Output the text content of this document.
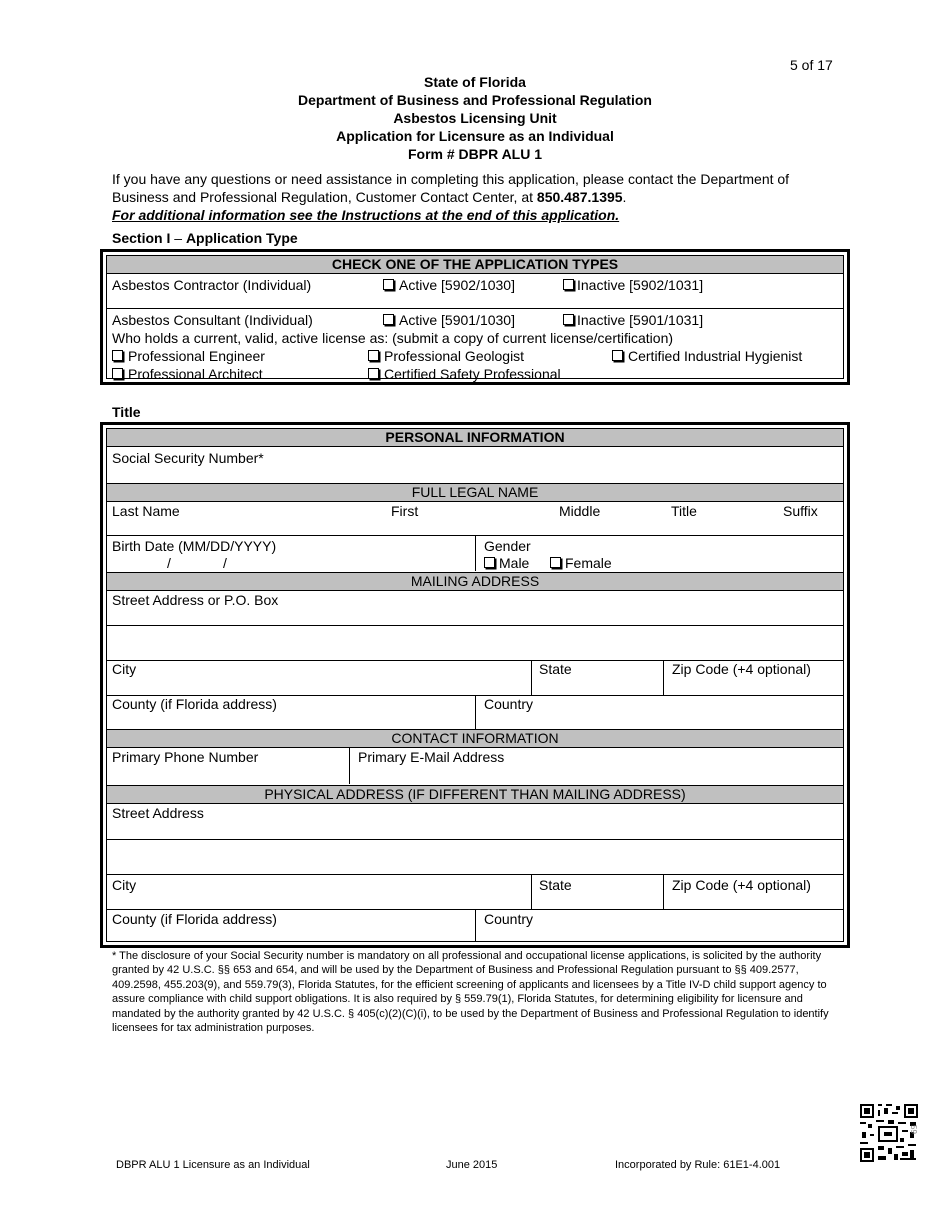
5 of 17
State of Florida
Department of Business and Professional Regulation
Asbestos Licensing Unit
Application for Licensure as an Individual
Form # DBPR ALU 1
If you have any questions or need assistance in completing this application, please contact the Department of Business and Professional Regulation, Customer Contact Center, at 850.487.1395.
For additional information see the Instructions at the end of this application.
Section I – Application Type
CHECK ONE OF THE APPLICATION TYPES
Asbestos Contractor (Individual)	Active [5902/1030]	Inactive [5902/1031]
Asbestos Consultant (Individual)	Active [5901/1030]	Inactive [5901/1031]
Who holds a current, valid, active license as: (submit a copy of current license/certification)
Professional Engineer	Professional Geologist	Certified Industrial Hygienist
Professional Architect	Certified Safety Professional
Title
PERSONAL INFORMATION
Social Security Number*
FULL LEGAL NAME
Last Name	First	Middle	Title	Suffix
Birth Date (MM/DD/YYYY)
/	/
Gender
Male	Female
MAILING ADDRESS
Street Address or P.O. Box
City	State	Zip Code (+4 optional)
County (if Florida address)	Country
CONTACT INFORMATION
Primary Phone Number	Primary E-Mail Address
PHYSICAL ADDRESS (IF DIFFERENT THAN MAILING ADDRESS)
Street Address
City	State	Zip Code (+4 optional)
County (if Florida address)	Country
* The disclosure of your Social Security number is mandatory on all professional and occupational license applications, is solicited by the authority granted by 42 U.S.C. §§ 653 and 654, and will be used by the Department of Business and Professional Regulation pursuant to §§ 409.2577, 409.2598, 455.203(9), and 559.79(3), Florida Statutes, for the efficient screening of applicants and licensees by a Title IV-D child support agency to assure compliance with child support obligations. It is also required by § 559.79(1), Florida Statutes, for determining eligibility for licensure and mandated by the authority granted by 42 U.S.C. § 405(c)(2)(C)(i), to be used by the Department of Business and Professional Regulation to identify licensees for tax administration purposes.
DBPR ALU 1 Licensure as an Individual	June 2015	Incorporated by Rule: 61E1-4.001
59
